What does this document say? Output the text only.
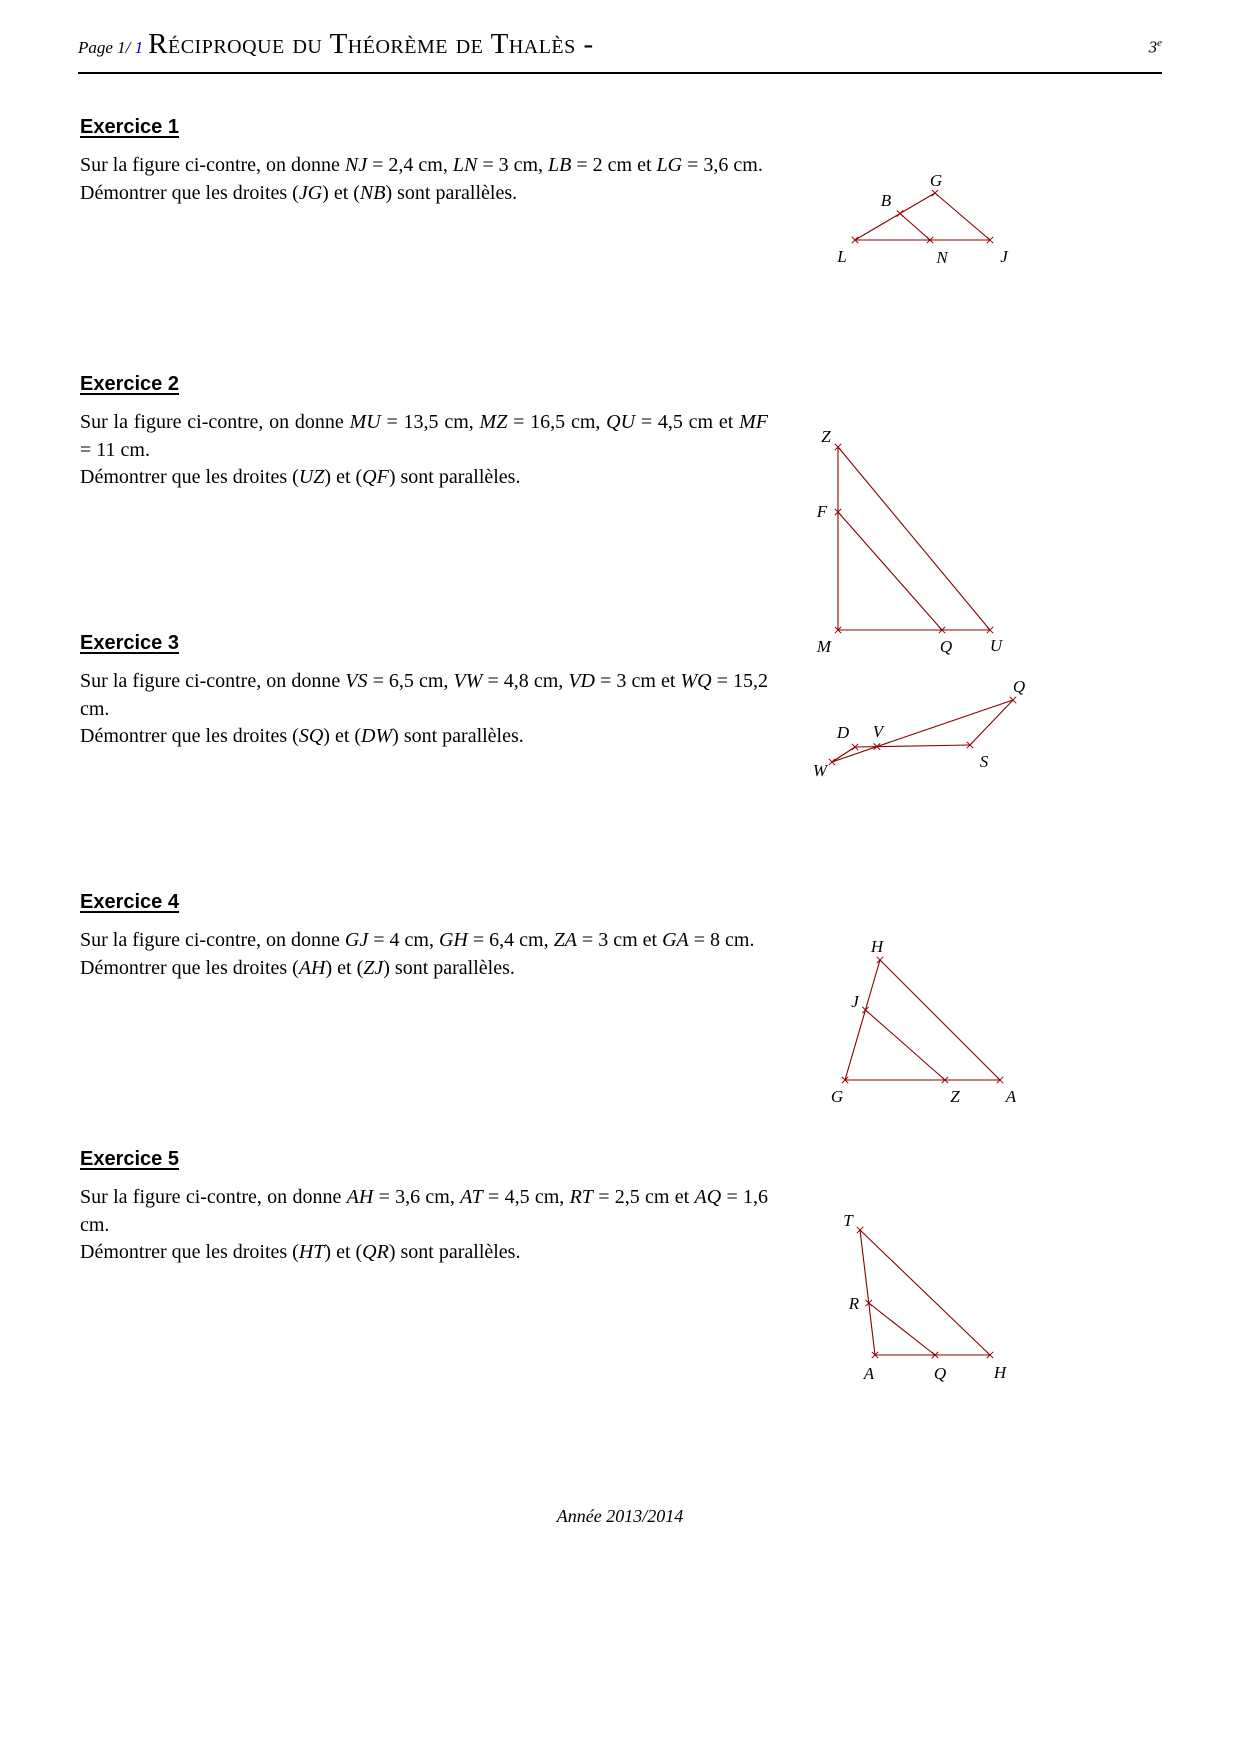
Page 1/ 1 Réciproque du Théorème de Thalès -	3e
Exercice 1

Sur la figure ci-contre, on donne NJ = 2,4 cm, LN = 3 cm, LB = 2 cm et LG = 3,6 cm.

Démontrer que les droites (JG) et (NB) sont parallèles.

G
B
L	N	J
Exercice 2

Sur la figure ci-contre, on donne MU = 13,5 cm, MZ = 16,5 cm, QU = 4,5 cm et MF = 11 cm.

Démontrer que les droites (UZ) et (QF) sont parallèles.

Z
F
M	Q U
Exercice 3

Sur la figure ci-contre, on donne VS = 6,5 cm, VW = 4,8 cm, VD = 3 cm et WQ = 15,2 cm.

Démontrer que les droites (SQ) et (DW) sont parallèles.

W
D V
S
Q
Exercice 4

Sur la figure ci-contre, on donne GJ = 4 cm, GH = 6,4 cm, ZA = 3 cm et GA = 8 cm.

Démontrer que les droites (AH) et (ZJ) sont parallèles.

H
J
G	Z	A
Exercice 5

Sur la figure ci-contre, on donne AH = 3,6 cm, AT = 4,5 cm, RT = 2,5 cm et AQ = 1,6 cm.

Démontrer que les droites (HT) et (QR) sont parallèles.

T
R
A	Q	H
Année 2013/2014
